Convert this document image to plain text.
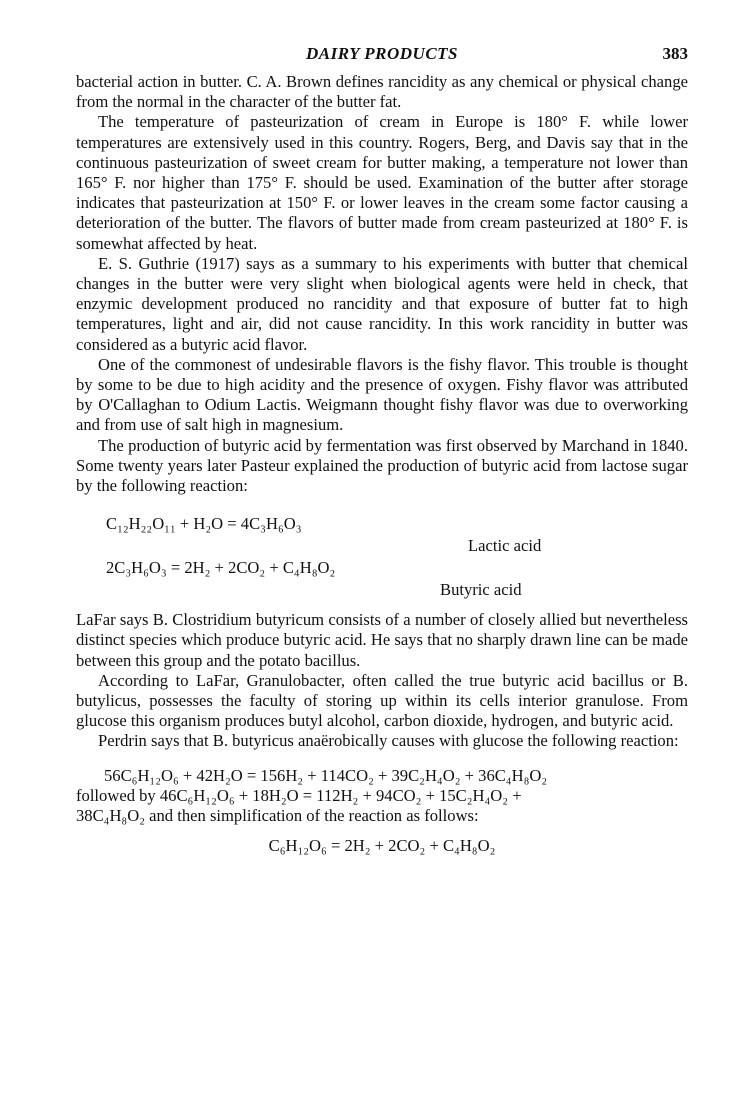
DAIRY PRODUCTS	383

bacterial action in butter. C. A. Brown defines rancidity as any chemical or physical change from the normal in the character of the butter fat.

The temperature of pasteurization of cream in Europe is 180° F. while lower temperatures are extensively used in this country. Rogers, Berg, and Davis say that in the continuous pasteurization of sweet cream for butter making, a temperature not lower than 165° F. nor higher than 175° F. should be used. Examination of the butter after storage indicates that pasteurization at 150° F. or lower leaves in the cream some factor causing a deterioration of the butter. The flavors of butter made from cream pasteurized at 180° F. is somewhat affected by heat.

E. S. Guthrie (1917) says as a summary to his experiments with butter that chemical changes in the butter were very slight when biological agents were held in check, that enzymic development produced no rancidity and that exposure of butter fat to high temperatures, light and air, did not cause rancidity. In this work rancidity in butter was considered as a butyric acid flavor.

One of the commonest of undesirable flavors is the fishy flavor. This trouble is thought by some to be due to high acidity and the presence of oxygen. Fishy flavor was attributed by O'Callaghan to Odium Lactis. Weigmann thought fishy flavor was due to overworking and from use of salt high in magnesium.

The production of butyric acid by fermentation was first observed by Marchand in 1840. Some twenty years later Pasteur explained the production of butyric acid from lactose sugar by the following reaction:

C₁₂H₂₂O₁₁ + H₂O = 4C₃H₆O₃
Lactic acid
2C₃H₆O₃ = 2H₂ + 2CO₂ + C₄H₈O₂
Butyric acid

LaFar says B. Clostridium butyricum consists of a number of closely allied but nevertheless distinct species which produce butyric acid. He says that no sharply drawn line can be made between this group and the potato bacillus.

According to LaFar, Granulobacter, often called the true butyric acid bacillus or B. butylicus, possesses the faculty of storing up within its cells interior granulose. From glucose this organism produces butyl alcohol, carbon dioxide, hydrogen, and butyric acid.

Perdrin says that B. butyricus anaërobically causes with glucose the following reaction:

56C₆H₁₂O₆ + 42H₂O = 156H₂ + 114CO₂ + 39C₂H₄O₂ + 36C₄H₈O₂
followed by 46C₆H₁₂O₆ + 18H₂O = 112H₂ + 94CO₂ + 15C₂H₄O₂ +
38C₄H₈O₂ and then simplification of the reaction as follows:
C₆H₁₂O₆ = 2H₂ + 2CO₂ + C₄H₈O₂
